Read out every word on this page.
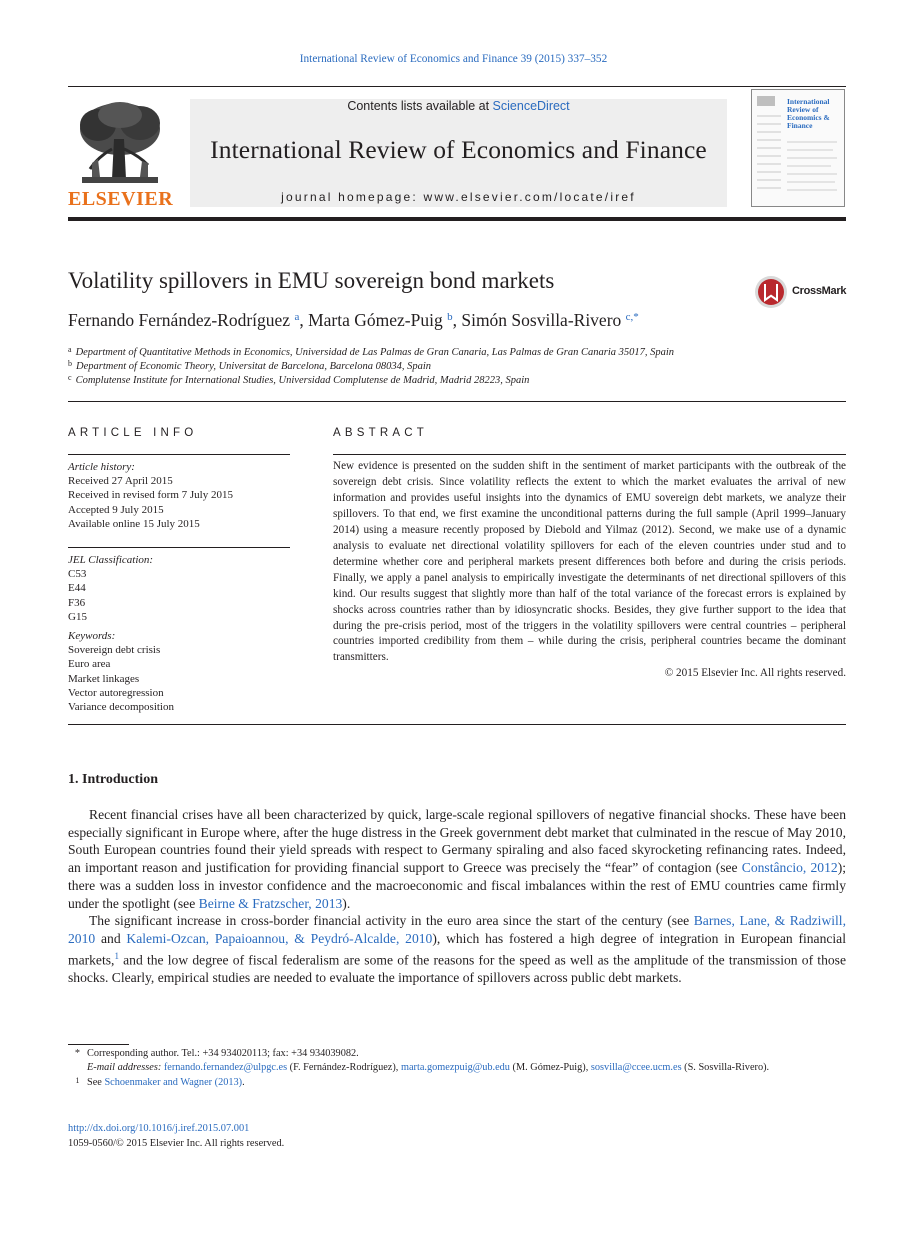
International Review of Economics and Finance 39 (2015) 337–352
ELSEVIER
Contents lists available at ScienceDirect
International Review of Economics and Finance
journal homepage: www.elsevier.com/locate/iref
International Review of Economics & Finance
Volatility spillovers in EMU sovereign bond markets	CrossMark
Fernando Fernández-Rodríguez $^a$, Marta Gómez-Puig $^b$, Simón Sosvilla-Rivero $^{c,*}$
$^a$ Department of Quantitative Methods in Economics, Universidad de Las Palmas de Gran Canaria, Las Palmas de Gran Canaria 35017, Spain
$^b$ Department of Economic Theory, Universitat de Barcelona, Barcelona 08034, Spain
$^c$ Complutense Institute for International Studies, Universidad Complutense de Madrid, Madrid 28223, Spain
ARTICLE INFO
Article history:
Received 27 April 2015
Received in revised form 7 July 2015
Accepted 9 July 2015
Available online 15 July 2015
JEL Classification:
C53
E44
F36
G15
Keywords:
Sovereign debt crisis
Euro area
Market linkages
Vector autoregression
Variance decomposition
ABSTRACT
New evidence is presented on the sudden shift in the sentiment of market participants with the outbreak of the sovereign debt crisis. Since volatility reflects the extent to which the market evaluates the arrival of new information and provides useful insights into the dynamics of EMU sovereign debt markets, we analyze their spillovers. To that end, we first examine the unconditional patterns during the full sample (April 1999–January 2014) using a measure recently proposed by Diebold and Yilmaz (2012). Second, we make use of a dynamic analysis to evaluate net directional volatility spillovers for each of the eleven countries under stud and to determine whether core and peripheral markets present differences both before and during the crisis periods. Finally, we apply a panel analysis to empirically investigate the determinants of net directional spillovers of this kind. Our results suggest that slightly more than half of the total variance of the forecast errors is explained by shocks across countries rather than by idiosyncratic shocks. Besides, they give further support to the idea that during the pre-crisis period, most of the triggers in the volatility spillovers were central countries – peripheral countries imported credibility from them – while during the crisis, peripheral countries became the dominant transmitters.
© 2015 Elsevier Inc. All rights reserved.
1. Introduction

Recent financial crises have all been characterized by quick, large-scale regional spillovers of negative financial shocks. These have been especially significant in Europe where, after the huge distress in the Greek government debt market that culminated in the rescue of May 2010, South European countries found their yield spreads with respect to Germany spiraling and also faced skyrocketing refinancing rates. Indeed, an important reason and justification for providing financial support to Greece was precisely the “fear” of contagion (see Constâncio, 2012); there was a sudden loss in investor confidence and the macroeconomic and fiscal imbalances within the rest of EMU countries came firmly under the spotlight (see Beirne & Fratzscher, 2013).

The significant increase in cross-border financial activity in the euro area since the start of the century (see Barnes, Lane, & Radziwill, 2010 and Kalemi-Ozcan, Papaioannou, & Peydró-Alcalde, 2010), which has fostered a high degree of integration in European financial markets,$^1$ and the low degree of fiscal federalism are some of the reasons for the speed as well as the amplitude of the transmission of those shocks. Clearly, empirical studies are needed to evaluate the importance of spillovers across public debt markets.

* Corresponding author. Tel.: +34 934020113; fax: +34 934039082.
E-mail addresses: fernando.fernandez@ulpgc.es (F. Fernández-Rodríguez), marta.gomezpuig@ub.edu (M. Gómez-Puig), sosvilla@ccee.ucm.es (S. Sosvilla-Rivero).
1 See Schoenmaker and Wagner (2013).
http://dx.doi.org/10.1016/j.iref.2015.07.001
1059-0560/© 2015 Elsevier Inc. All rights reserved.
